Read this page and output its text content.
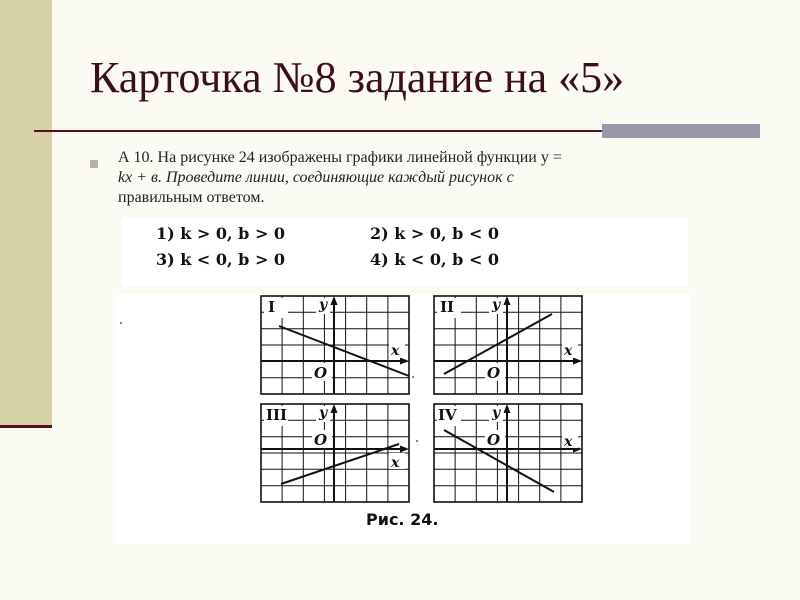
Карточка №8 задание на «5»
А 10. На рисунке 24 изображены графики линейной функции у =
kx + в. Проведите линии, соединяющие каждый рисунок с
правильным ответом.
1) k > 0, b > 0	2) k > 0, b < 0
3) k < 0, b > 0	4) k < 0, b < 0
I	II
III	IV
y
x
O
y
x
O
y
x
O
y
x
O
Рис. 24.
